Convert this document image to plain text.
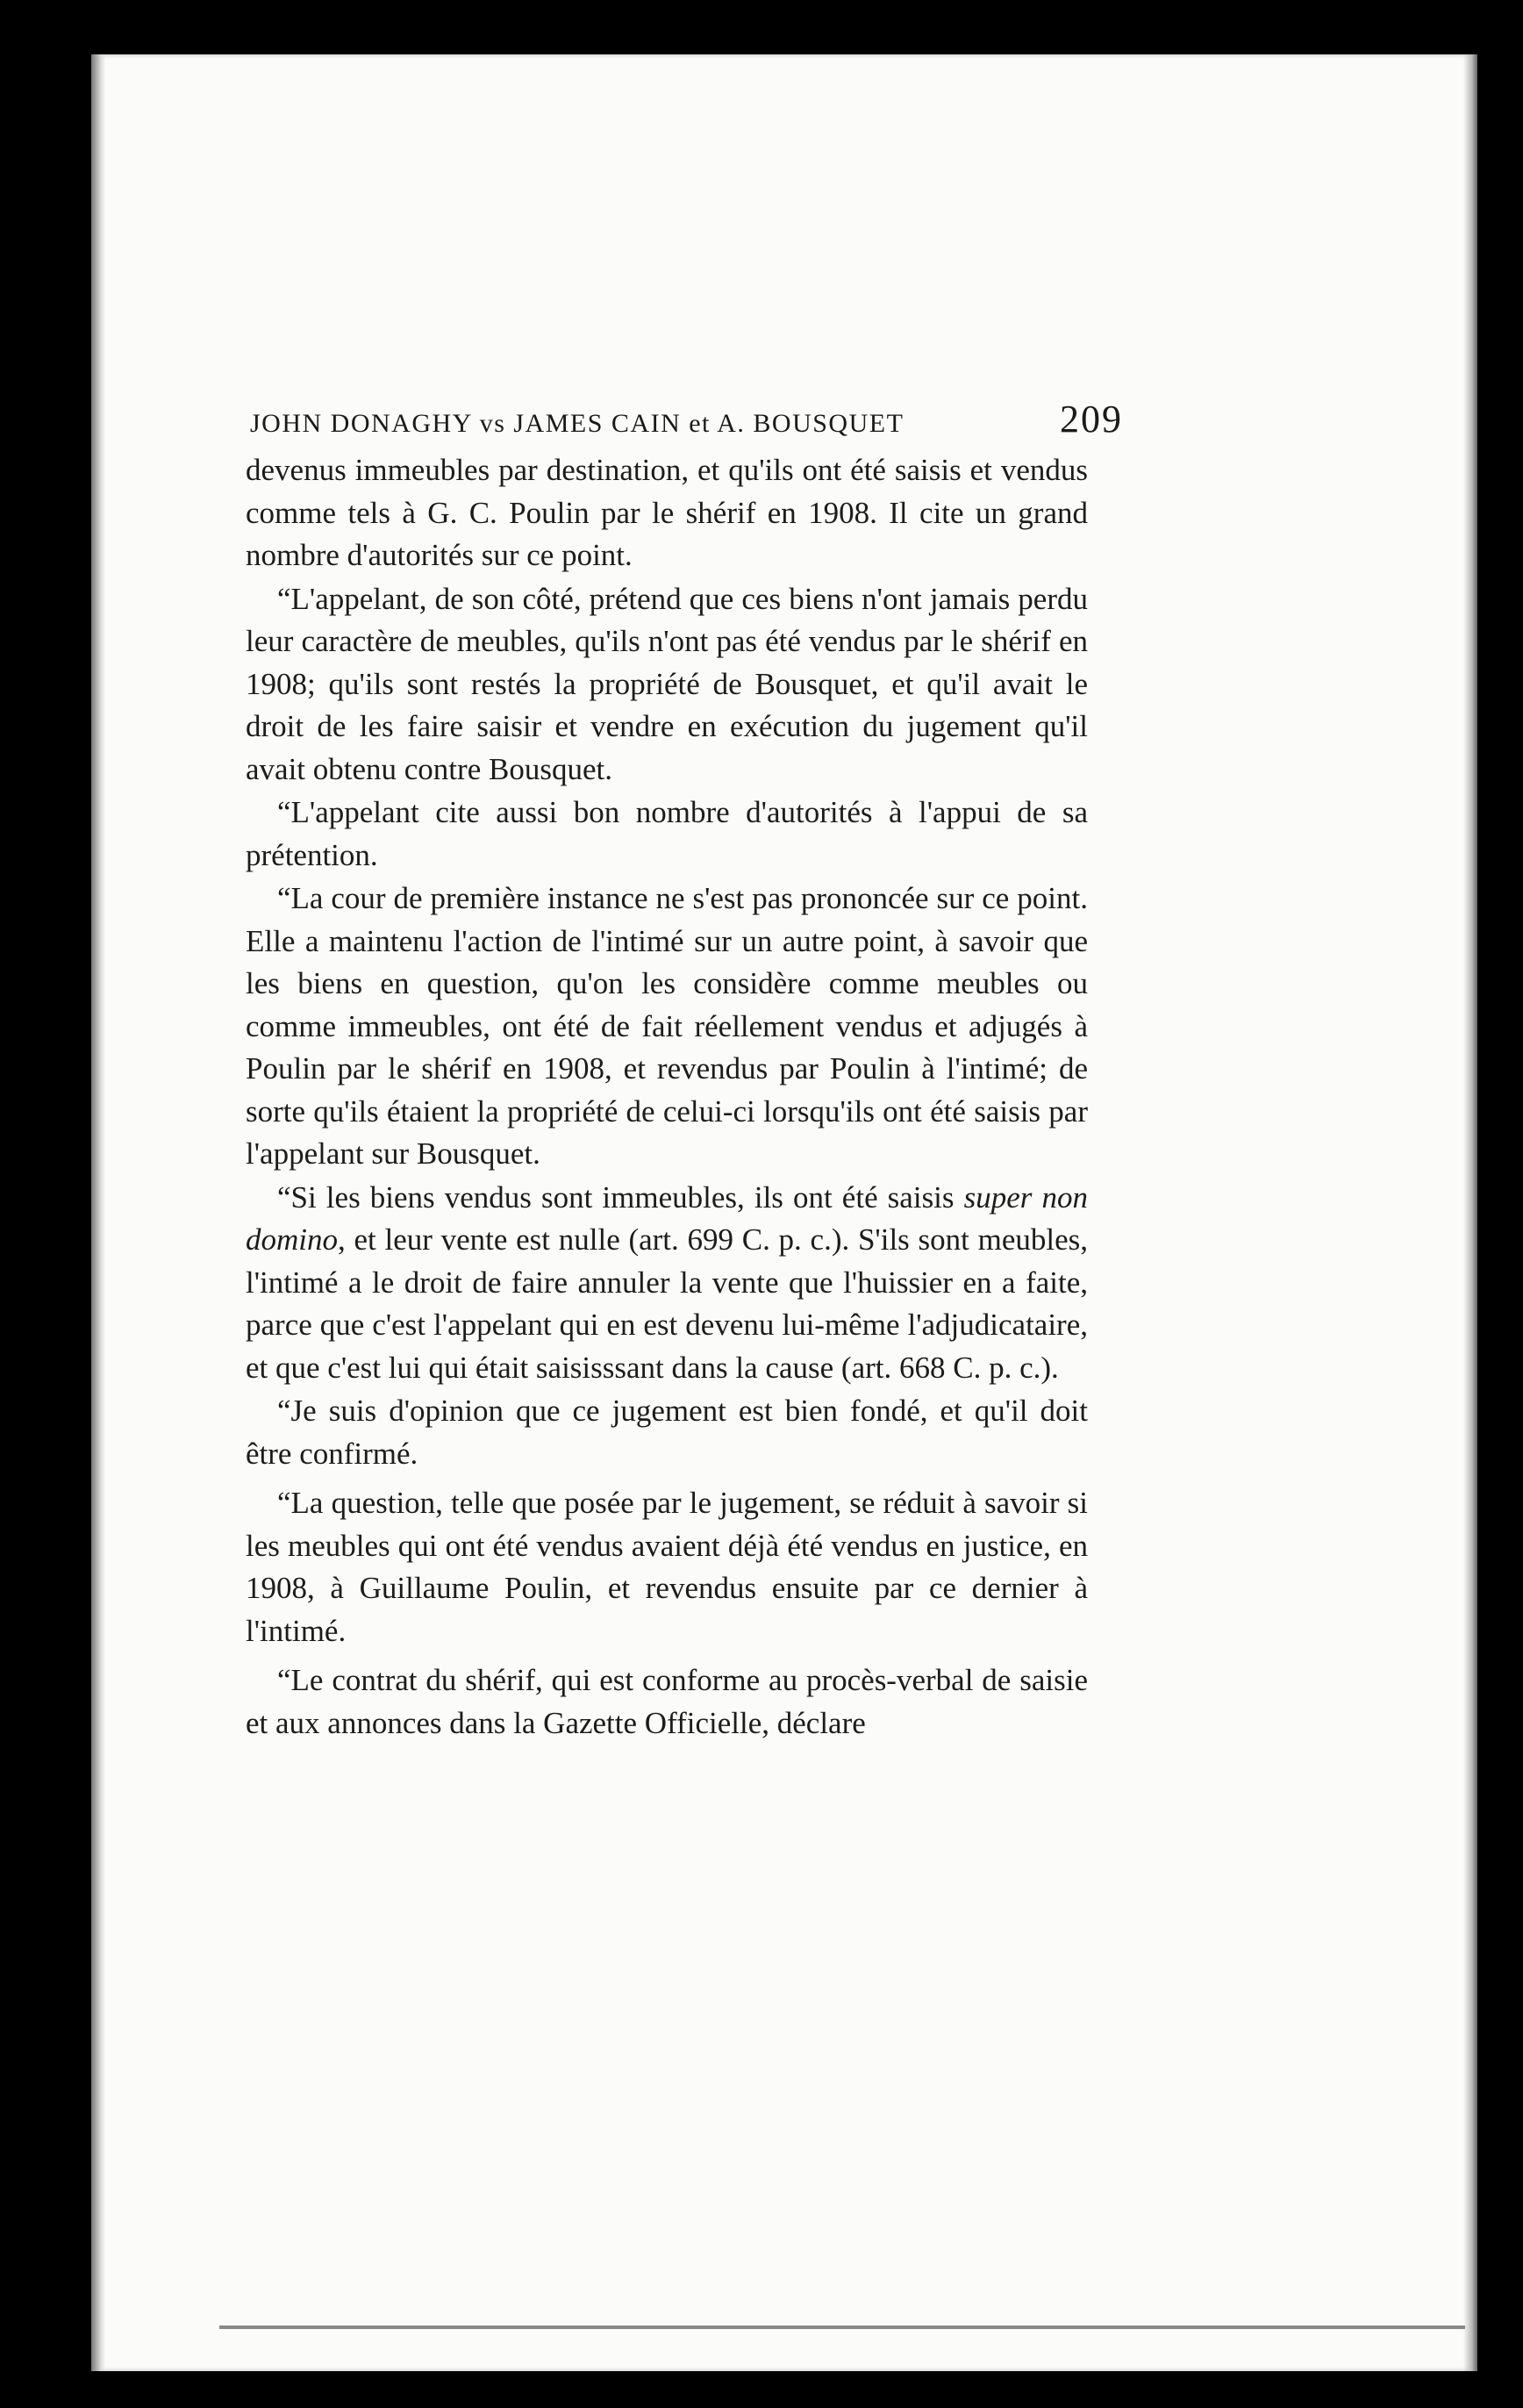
JOHN DONAGHY vs JAMES CAIN et A. BOUSQUET	209

devenus immeubles par destination, et qu'ils ont été saisis et vendus comme tels à G. C. Poulin par le shérif en 1908. Il cite un grand nombre d'autorités sur ce point.

“L'appelant, de son côté, prétend que ces biens n'ont jamais perdu leur caractère de meubles, qu'ils n'ont pas été vendus par le shérif en 1908; qu'ils sont restés la propriété de Bousquet, et qu'il avait le droit de les faire saisir et vendre en exécution du jugement qu'il avait obtenu contre Bousquet.

“L'appelant cite aussi bon nombre d'autorités à l'appui de sa prétention.

“La cour de première instance ne s'est pas prononcée sur ce point. Elle a maintenu l'action de l'intimé sur un autre point, à savoir que les biens en question, qu'on les considère comme meubles ou comme immeubles, ont été de fait réellement vendus et adjugés à Poulin par le shérif en 1908, et revendus par Poulin à l'intimé; de sorte qu'ils étaient la propriété de celui-ci lorsqu'ils ont été saisis par l'appelant sur Bousquet.

“Si les biens vendus sont immeubles, ils ont été saisis super non domino, et leur vente est nulle (art. 699 C. p. c.). S'ils sont meubles, l'intimé a le droit de faire annuler la vente que l'huissier en a faite, parce que c'est l'appelant qui en est devenu lui-même l'adjudicataire, et que c'est lui qui était saisisssant dans la cause (art. 668 C. p. c.).

“Je suis d'opinion que ce jugement est bien fondé, et qu'il doit être confirmé.

“La question, telle que posée par le jugement, se réduit à savoir si les meubles qui ont été vendus avaient déjà été vendus en justice, en 1908, à Guillaume Poulin, et revendus ensuite par ce dernier à l'intimé.

“Le contrat du shérif, qui est conforme au procès-verbal de saisie et aux annonces dans la Gazette Officielle, déclare
